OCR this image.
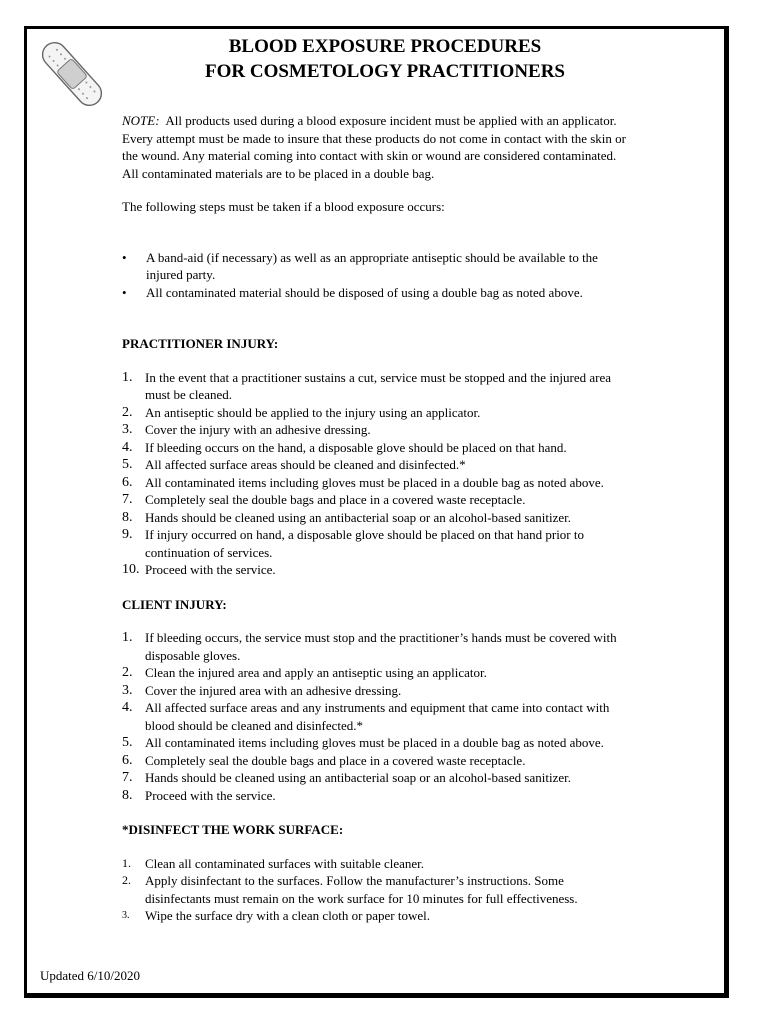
BLOOD EXPOSURE PROCEDURES
FOR COSMETOLOGY PRACTITIONERS

NOTE: All products used during a blood exposure incident must be applied with an applicator. Every attempt must be made to insure that these products do not come in contact with the skin or the wound. Any material coming into contact with skin or wound are considered contaminated. All contaminated materials are to be placed in a double bag.

The following steps must be taken if a blood exposure occurs:

• A band-aid (if necessary) as well as an appropriate antiseptic should be available to the injured party.
• All contaminated material should be disposed of using a double bag as noted above.

PRACTITIONER INJURY:

1. In the event that a practitioner sustains a cut, service must be stopped and the injured area must be cleaned.
2. An antiseptic should be applied to the injury using an applicator.
3. Cover the injury with an adhesive dressing.
4. If bleeding occurs on the hand, a disposable glove should be placed on that hand.
5. All affected surface areas should be cleaned and disinfected.*
6. All contaminated items including gloves must be placed in a double bag as noted above.
7. Completely seal the double bags and place in a covered waste receptacle.
8. Hands should be cleaned using an antibacterial soap or an alcohol-based sanitizer.
9. If injury occurred on hand, a disposable glove should be placed on that hand prior to continuation of services.
10. Proceed with the service.

CLIENT INJURY:

1. If bleeding occurs, the service must stop and the practitioner’s hands must be covered with disposable gloves.
2. Clean the injured area and apply an antiseptic using an applicator.
3. Cover the injured area with an adhesive dressing.
4. All affected surface areas and any instruments and equipment that came into contact with blood should be cleaned and disinfected.*
5. All contaminated items including gloves must be placed in a double bag as noted above.
6. Completely seal the double bags and place in a covered waste receptacle.
7. Hands should be cleaned using an antibacterial soap or an alcohol-based sanitizer.
8. Proceed with the service.

*DISINFECT THE WORK SURFACE:

1. Clean all contaminated surfaces with suitable cleaner.
2. Apply disinfectant to the surfaces. Follow the manufacturer’s instructions. Some disinfectants must remain on the work surface for 10 minutes for full effectiveness.
3. Wipe the surface dry with a clean cloth or paper towel.
Updated 6/10/2020
